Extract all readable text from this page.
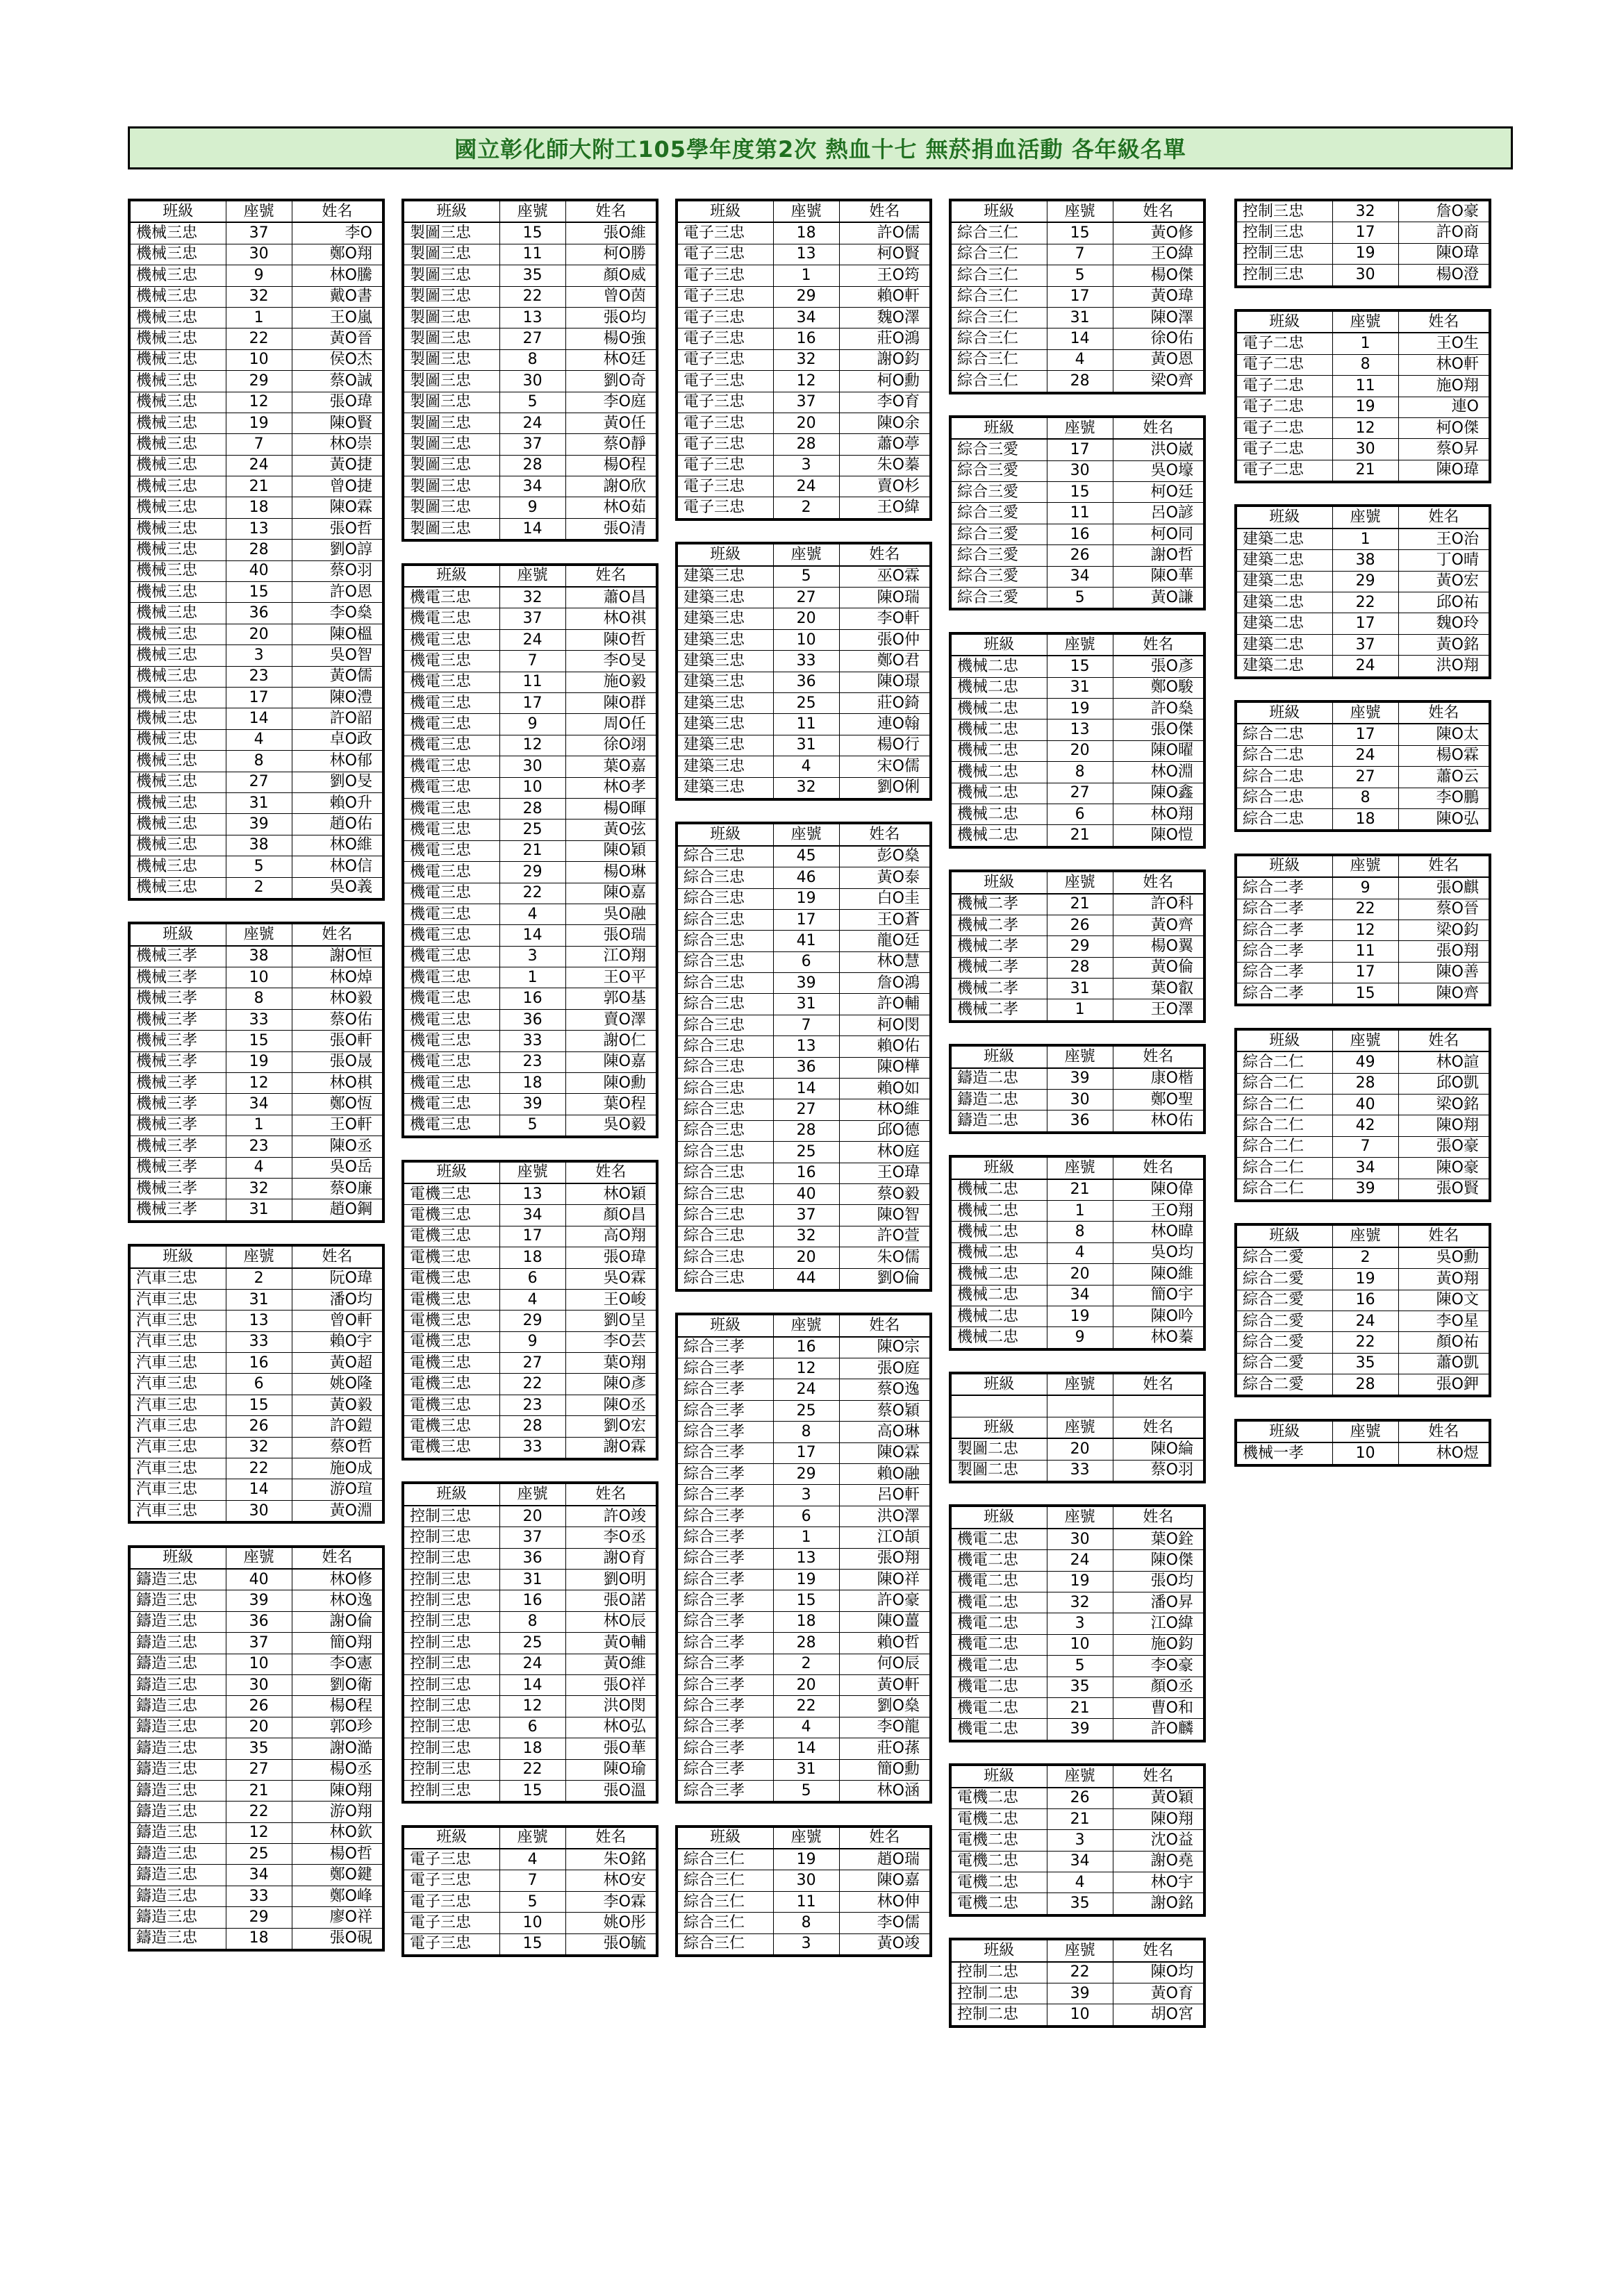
國立彰化師大附工105學年度第2次 熱血十七 無菸捐血活動 各年級名單
班級	座號	姓名
機械三忠	37	李O
機械三忠	30	鄭O翔
機械三忠	9	林O騰
機械三忠	32	戴O書
機械三忠	1	王O嵐
機械三忠	22	黃O晉
機械三忠	10	侯O杰
機械三忠	29	蔡O誠
機械三忠	12	張O瑋
機械三忠	19	陳O賢
機械三忠	7	林O崇
機械三忠	24	黃O捷
機械三忠	21	曾O捷
機械三忠	18	陳O霖
機械三忠	13	張O哲
機械三忠	28	劉O諄
機械三忠	40	蔡O羽
機械三忠	15	許O恩
機械三忠	36	李O燊
機械三忠	20	陳O榲
機械三忠	3	吳O智
機械三忠	23	黃O儒
機械三忠	17	陳O澧
機械三忠	14	許O韶
機械三忠	4	卓O政
機械三忠	8	林O郁
機械三忠	27	劉O旻
機械三忠	31	賴O升
機械三忠	39	趙O佑
機械三忠	38	林O維
機械三忠	5	林O信
機械三忠	2	吳O義
班級	座號	姓名
機械三孝	38	謝O恒
機械三孝	10	林O焯
機械三孝	8	林O毅
機械三孝	33	蔡O佑
機械三孝	15	張O軒
機械三孝	19	張O晟
機械三孝	12	林O棋
機械三孝	34	鄭O恆
機械三孝	1	王O軒
機械三孝	23	陳O丞
機械三孝	4	吳O岳
機械三孝	32	蔡O廉
機械三孝	31	趙O鋼
班級	座號	姓名
汽車三忠	2	阮O瑋
汽車三忠	31	潘O均
汽車三忠	13	曾O軒
汽車三忠	33	賴O宇
汽車三忠	16	黃O超
汽車三忠	6	姚O隆
汽車三忠	15	黃O毅
汽車三忠	26	許O鎧
汽車三忠	32	蔡O哲
汽車三忠	22	施O成
汽車三忠	14	游O瑄
汽車三忠	30	黃O淵
班級	座號	姓名
鑄造三忠	40	林O修
鑄造三忠	39	林O逸
鑄造三忠	36	謝O倫
鑄造三忠	37	簡O翔
鑄造三忠	10	李O憲
鑄造三忠	30	劉O衛
鑄造三忠	26	楊O程
鑄造三忠	20	郭O珍
鑄造三忠	35	謝O澔
鑄造三忠	27	楊O丞
鑄造三忠	21	陳O翔
鑄造三忠	22	游O翔
鑄造三忠	12	林O欽
鑄造三忠	25	楊O哲
鑄造三忠	34	鄭O鍵
鑄造三忠	33	鄭O峰
鑄造三忠	29	廖O祥
鑄造三忠	18	張O硯
班級	座號	姓名
製圖三忠	15	張O維
製圖三忠	11	柯O勝
製圖三忠	35	顏O威
製圖三忠	22	曾O茵
製圖三忠	13	張O均
製圖三忠	27	楊O強
製圖三忠	8	林O廷
製圖三忠	30	劉O奇
製圖三忠	5	李O庭
製圖三忠	24	黃O任
製圖三忠	37	蔡O靜
製圖三忠	28	楊O程
製圖三忠	34	謝O欣
製圖三忠	9	林O茹
製圖三忠	14	張O清
班級	座號	姓名
機電三忠	32	蕭O昌
機電三忠	37	林O祺
機電三忠	24	陳O哲
機電三忠	7	李O旻
機電三忠	11	施O毅
機電三忠	17	陳O群
機電三忠	9	周O任
機電三忠	12	徐O翊
機電三忠	30	葉O嘉
機電三忠	10	林O孝
機電三忠	28	楊O暉
機電三忠	25	黃O弦
機電三忠	21	陳O穎
機電三忠	29	楊O琳
機電三忠	22	陳O嘉
機電三忠	4	吳O融
機電三忠	14	張O瑞
機電三忠	3	江O翔
機電三忠	1	王O平
機電三忠	16	郭O基
機電三忠	36	賣O澤
機電三忠	33	謝O仁
機電三忠	23	陳O嘉
機電三忠	18	陳O勳
機電三忠	39	葉O程
機電三忠	5	吳O毅
班級	座號	姓名
電機三忠	13	林O穎
電機三忠	34	顏O昌
電機三忠	17	高O翔
電機三忠	18	張O瑋
電機三忠	6	吳O霖
電機三忠	4	王O峻
電機三忠	29	劉O呈
電機三忠	9	李O芸
電機三忠	27	葉O翔
電機三忠	22	陳O彥
電機三忠	23	陳O丞
電機三忠	28	劉O宏
電機三忠	33	謝O霖
班級	座號	姓名
控制三忠	20	許O竣
控制三忠	37	李O丞
控制三忠	36	謝O育
控制三忠	31	劉O明
控制三忠	16	張O諾
控制三忠	8	林O辰
控制三忠	25	黃O輔
控制三忠	24	黃O維
控制三忠	14	張O祥
控制三忠	12	洪O閔
控制三忠	6	林O弘
控制三忠	18	張O華
控制三忠	22	陳O瑜
控制三忠	15	張O溫
班級	座號	姓名
電子三忠	4	朱O銘
電子三忠	7	林O安
電子三忠	5	李O霖
電子三忠	10	姚O彤
電子三忠	15	張O毓
班級	座號	姓名
電子三忠	18	許O儒
電子三忠	13	柯O賢
電子三忠	1	王O筠
電子三忠	29	賴O軒
電子三忠	34	魏O澤
電子三忠	16	莊O鴻
電子三忠	32	謝O鈞
電子三忠	12	柯O勳
電子三忠	37	李O育
電子三忠	20	陳O余
電子三忠	28	蕭O葶
電子三忠	3	朱O蓁
電子三忠	24	賣O杉
電子三忠	2	王O緯
班級	座號	姓名
建築三忠	5	巫O霖
建築三忠	27	陳O瑞
建築三忠	20	李O軒
建築三忠	10	張O仲
建築三忠	33	鄭O君
建築三忠	36	陳O璟
建築三忠	25	莊O錡
建築三忠	11	連O翰
建築三忠	31	楊O行
建築三忠	4	宋O儒
建築三忠	32	劉O俐
班級	座號	姓名
綜合三忠	45	彭O燊
綜合三忠	46	黃O泰
綜合三忠	19	白O圭
綜合三忠	17	王O蒼
綜合三忠	41	龍O廷
綜合三忠	6	林O慧
綜合三忠	39	詹O鴻
綜合三忠	31	許O輔
綜合三忠	7	柯O閔
綜合三忠	13	賴O佑
綜合三忠	36	陳O樺
綜合三忠	14	賴O如
綜合三忠	27	林O維
綜合三忠	28	邱O德
綜合三忠	25	林O庭
綜合三忠	16	王O瑋
綜合三忠	40	蔡O毅
綜合三忠	37	陳O智
綜合三忠	32	許O萱
綜合三忠	20	朱O儒
綜合三忠	44	劉O倫
班級	座號	姓名
綜合三孝	16	陳O宗
綜合三孝	12	張O庭
綜合三孝	24	蔡O逸
綜合三孝	25	蔡O穎
綜合三孝	8	高O琳
綜合三孝	17	陳O霖
綜合三孝	29	賴O融
綜合三孝	3	呂O軒
綜合三孝	6	洪O澤
綜合三孝	1	江O頡
綜合三孝	13	張O翔
綜合三孝	19	陳O祥
綜合三孝	15	許O豪
綜合三孝	18	陳O薑
綜合三孝	28	賴O哲
綜合三孝	2	何O辰
綜合三孝	20	黃O軒
綜合三孝	22	劉O燊
綜合三孝	4	李O龍
綜合三孝	14	莊O蓀
綜合三孝	31	簡O勳
綜合三孝	5	林O涵
班級	座號	姓名
綜合三仁	19	趙O瑞
綜合三仁	30	陳O嘉
綜合三仁	11	林O伸
綜合三仁	8	李O儒
綜合三仁	3	黃O竣
班級	座號	姓名
綜合三仁	15	黃O修
綜合三仁	7	王O緯
綜合三仁	5	楊O傑
綜合三仁	17	黃O瑋
綜合三仁	31	陳O澤
綜合三仁	14	徐O佑
綜合三仁	4	黃O恩
綜合三仁	28	梁O齊
班級	座號	姓名
綜合三愛	17	洪O崴
綜合三愛	30	吳O壕
綜合三愛	15	柯O廷
綜合三愛	11	呂O諺
綜合三愛	16	柯O同
綜合三愛	26	謝O哲
綜合三愛	34	陳O華
綜合三愛	5	黃O謙
班級	座號	姓名
機械二忠	15	張O彥
機械二忠	31	鄭O駿
機械二忠	19	許O燊
機械二忠	13	張O傑
機械二忠	20	陳O曜
機械二忠	8	林O淵
機械二忠	27	陳O鑫
機械二忠	6	林O翔
機械二忠	21	陳O愷
班級	座號	姓名
機械二孝	21	許O科
機械二孝	26	黃O齊
機械二孝	29	楊O翼
機械二孝	28	黃O倫
機械二孝	31	葉O叡
機械二孝	1	王O澤
班級	座號	姓名
鑄造二忠	39	康O楷
鑄造二忠	30	鄭O聖
鑄造二忠	36	林O佑
班級	座號	姓名
機械二忠	21	陳O偉
機械二忠	1	王O翔
機械二忠	8	林O暐
機械二忠	4	吳O均
機械二忠	20	陳O維
機械二忠	34	簡O宇
機械二忠	19	陳O吟
機械二忠	9	林O蓁
班級	座號	姓名

班級	座號	姓名
製圖二忠	20	陳O綸
製圖二忠	33	蔡O羽
班級	座號	姓名
機電二忠	30	葉O銓
機電二忠	24	陳O傑
機電二忠	19	張O均
機電二忠	32	潘O昇
機電二忠	3	江O緯
機電二忠	10	施O鈞
機電二忠	5	李O豪
機電二忠	35	顏O丞
機電二忠	21	曹O和
機電二忠	39	許O麟
班級	座號	姓名
電機二忠	26	黃O穎
電機二忠	21	陳O翔
電機二忠	3	沈O益
電機二忠	34	謝O堯
電機二忠	4	林O宇
電機二忠	35	謝O銘
班級	座號	姓名
控制二忠	22	陳O均
控制二忠	39	黃O育
控制二忠	10	胡O宮
控制三忠	32	詹O豪
控制三忠	17	許O商
控制三忠	19	陳O瑋
控制三忠	30	楊O澄
班級	座號	姓名
電子二忠	1	王O生
電子二忠	8	林O軒
電子二忠	11	施O翔
電子二忠	19	連O
電子二忠	12	柯O傑
電子二忠	30	蔡O昇
電子二忠	21	陳O瑋
班級	座號	姓名
建築二忠	1	王O治
建築二忠	38	丁O晴
建築二忠	29	黃O宏
建築二忠	22	邱O祐
建築二忠	17	魏O玲
建築二忠	37	黃O銘
建築二忠	24	洪O翔
班級	座號	姓名
綜合二忠	17	陳O太
綜合二忠	24	楊O霖
綜合二忠	27	蕭O云
綜合二忠	8	李O鵬
綜合二忠	18	陳O弘
班級	座號	姓名
綜合二孝	9	張O麒
綜合二孝	22	蔡O晉
綜合二孝	12	梁O鈞
綜合二孝	11	張O翔
綜合二孝	17	陳O善
綜合二孝	15	陳O齊
班級	座號	姓名
綜合二仁	49	林O諠
綜合二仁	28	邱O凱
綜合二仁	40	梁O銘
綜合二仁	42	陳O翔
綜合二仁	7	張O豪
綜合二仁	34	陳O豪
綜合二仁	39	張O賢
班級	座號	姓名
綜合二愛	2	吳O勳
綜合二愛	19	黃O翔
綜合二愛	16	陳O文
綜合二愛	24	李O星
綜合二愛	22	顏O祐
綜合二愛	35	蕭O凱
綜合二愛	28	張O鉀
班級	座號	姓名
機械一孝	10	林O煜
